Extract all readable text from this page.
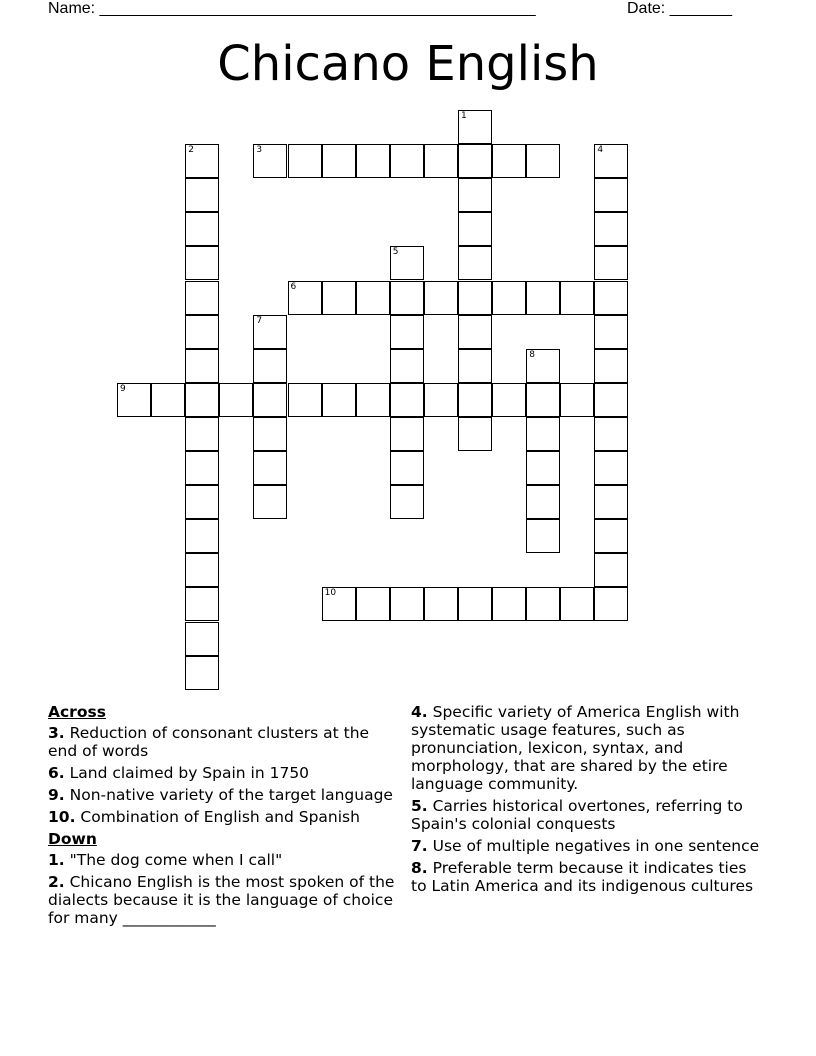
Name: _________________________________________________	Date: _______
Chicano English
1
2	3	4
5
6
7
8
9
10
Across
3. Reduction of consonant clusters at the end of words
6. Land claimed by Spain in 1750
9. Non-native variety of the target language
10. Combination of English and Spanish
Down
1. "The dog come when I call"
2. Chicano English is the most spoken of the dialects because it is the language of choice for many ____________
4. Specific variety of America English with systematic usage features, such as pronunciation, lexicon, syntax, and morphology, that are shared by the etire language community.
5. Carries historical overtones, referring to Spain's colonial conquests
7. Use of multiple negatives in one sentence
8. Preferable term because it indicates ties to Latin America and its indigenous cultures
